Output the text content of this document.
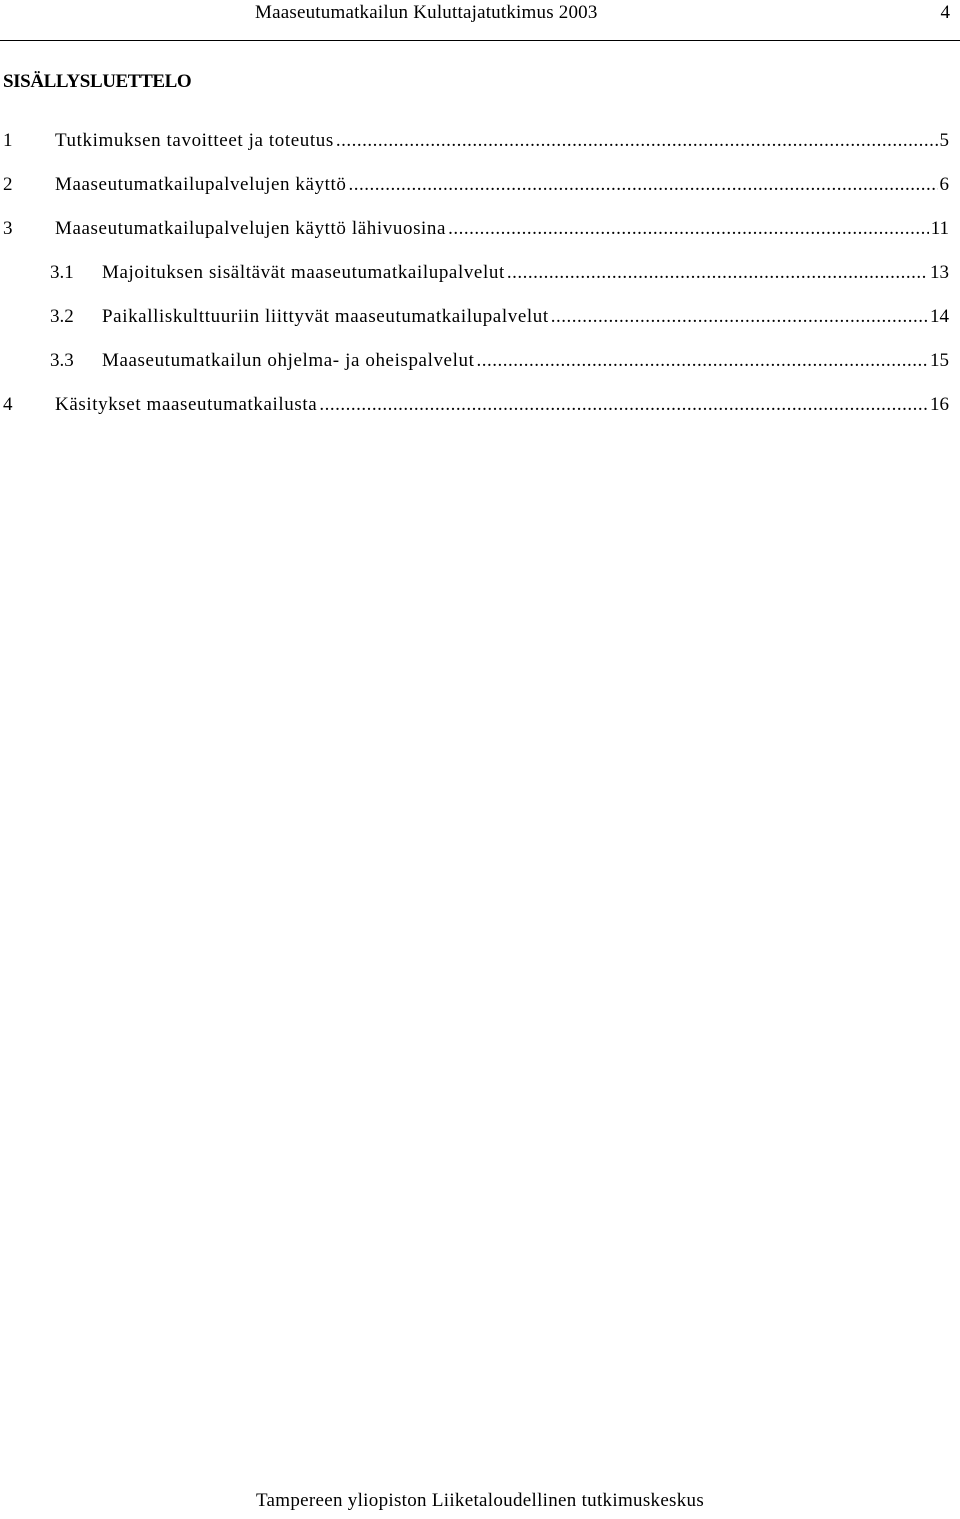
Maaseutumatkailun Kuluttajatutkimus 2003	4
SISÄLLYSLUETTELO
1	Tutkimuksen tavoitteet ja toteutus .....	5
2	Maaseutumatkailupalvelujen käyttö .....	6
3	Maaseutumatkailupalvelujen käyttö lähivuosina .....	11
3.1	Majoituksen sisältävät maaseutumatkailupalvelut .....	13
3.2	Paikalliskulttuuriin liittyvät maaseutumatkailupalvelut .....	14
3.3	Maaseutumatkailun ohjelma- ja oheispalvelut .....	15
4	Käsitykset maaseutumatkailusta .....	16
Tampereen yliopiston Liiketaloudellinen tutkimuskeskus
